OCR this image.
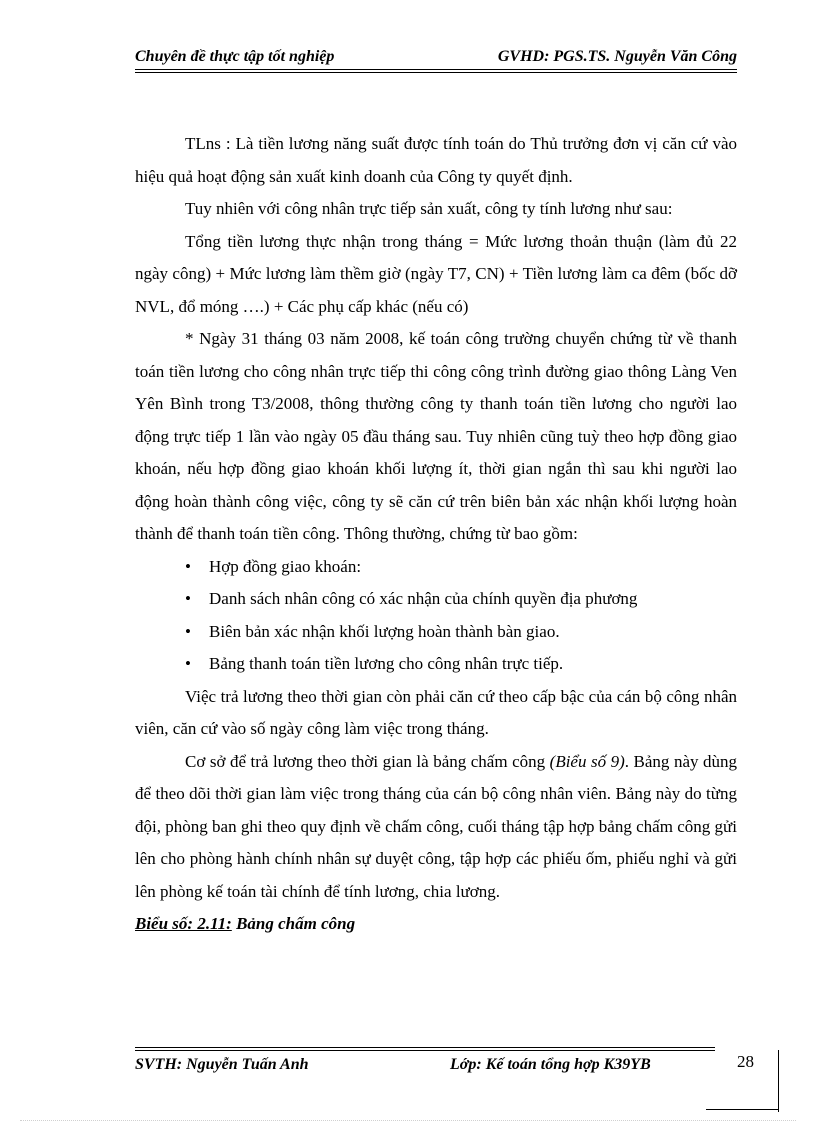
Chuyên đề thực tập tốt nghiệp	GVHD: PGS.TS. Nguyễn Văn Công

TLns : Là tiền lương năng suất được tính toán do Thủ trưởng đơn vị căn cứ vào hiệu quả hoạt động sản xuất kinh doanh của Công ty quyết định.

Tuy nhiên với công nhân trực tiếp sản xuất, công ty tính lương như sau:

Tổng tiền lương thực nhận trong tháng = Mức lương thoản thuận (làm đủ 22 ngày công) + Mức lương làm thềm giờ (ngày T7, CN) + Tiền lương làm ca đêm (bốc dỡ NVL, đổ móng ….) + Các phụ cấp khác (nếu có)

* Ngày 31 tháng 03 năm 2008, kế toán công trường chuyển chứng từ về thanh toán tiền lương cho công nhân trực tiếp thi công công trình đường giao thông Làng Ven Yên Bình trong T3/2008, thông thường công ty thanh toán tiền lương cho người lao động trực tiếp 1 lần vào ngày 05 đầu tháng sau. Tuy nhiên cũng tuỳ theo hợp đồng giao khoán, nếu hợp đồng giao khoán khối lượng ít, thời gian ngắn thì sau khi người lao động hoàn thành công việc, công ty sẽ căn cứ trên biên bản xác nhận khối lượng hoàn thành để thanh toán tiền công. Thông thường, chứng từ bao gồm:

• Hợp đồng giao khoán:
• Danh sách nhân công có xác nhận của chính quyền địa phương
• Biên bản xác nhận khối lượng hoàn thành bàn giao.
• Bảng thanh toán tiền lương cho công nhân trực tiếp.

Việc trả lương theo thời gian còn phải căn cứ theo cấp bậc của cán bộ công nhân viên, căn cứ vào số ngày công làm việc trong tháng.

Cơ sở để trả lương theo thời gian là bảng chấm công (Biểu số 9). Bảng này dùng để theo dõi thời gian làm việc trong tháng của cán bộ công nhân viên. Bảng này do từng đội, phòng ban ghi theo quy định về chấm công, cuối tháng tập hợp bảng chấm công gửi lên cho phòng hành chính nhân sự duyệt công, tập hợp các phiếu ốm, phiếu nghỉ và gửi lên phòng kế toán tài chính để tính lương, chia lương.

Biểu số: 2.11: Bảng chấm công

SVTH: Nguyễn Tuấn Anh	Lớp: Kế toán tổng hợp K39YB	28
